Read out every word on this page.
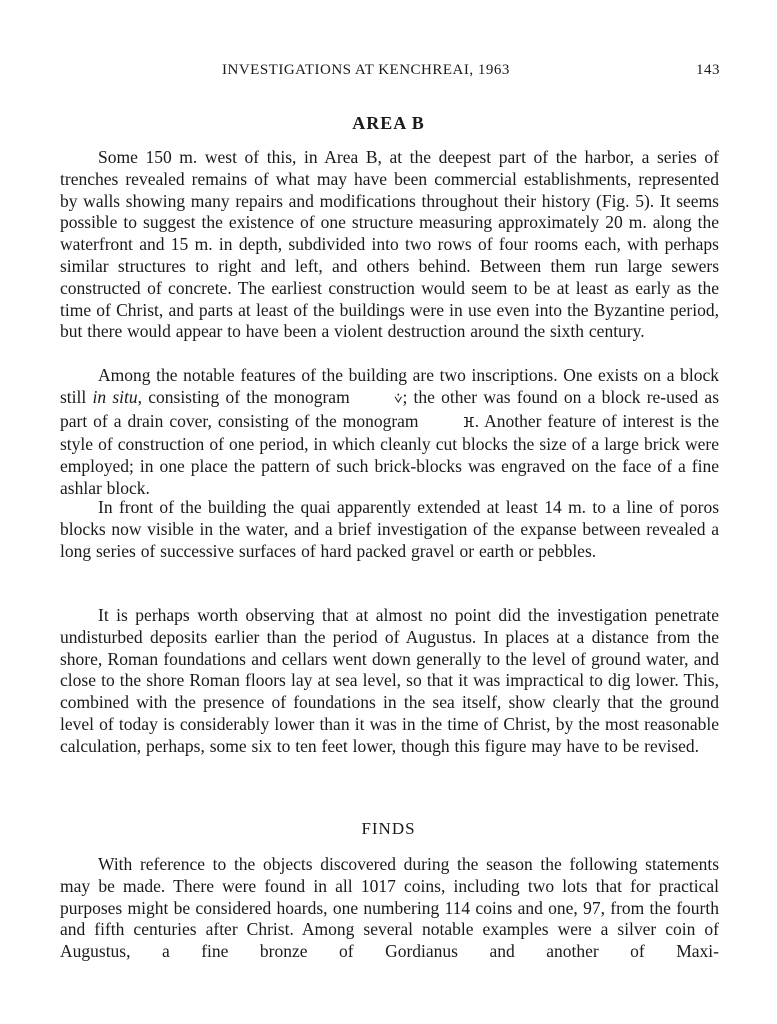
INVESTIGATIONS AT KENCHREAI, 1963	143
AREA B

Some 150 m. west of this, in Area B, at the deepest part of the harbor, a series of trenches revealed remains of what may have been commercial establishments, represented by walls showing many repairs and modifications throughout their history (Fig. 5). It seems possible to suggest the existence of one structure measuring approximately 20 m. along the waterfront and 15 m. in depth, subdivided into two rows of four rooms each, with perhaps similar structures to right and left, and others behind. Between them run large sewers constructed of concrete. The earliest construction would seem to be at least as early as the time of Christ, and parts at least of the buildings were in use even into the Byzantine period, but there would appear to have been a violent destruction around the sixth century.

Among the notable features of the building are two inscriptions. One exists on a block still in situ, consisting of the monogram	⩒; the other was found on a block re-used as part of a drain cover, consisting of the monogram	ⴼ. Another feature of interest is the style of construction of one period, in which cleanly cut blocks the size of a large brick were employed; in one place the pattern of such brick-blocks was engraved on the face of a fine ashlar block.

In front of the building the quai apparently extended at least 14 m. to a line of poros blocks now visible in the water, and a brief investigation of the expanse between revealed a long series of successive surfaces of hard packed gravel or earth or pebbles.

It is perhaps worth observing that at almost no point did the investigation penetrate undisturbed deposits earlier than the period of Augustus. In places at a distance from the shore, Roman foundations and cellars went down generally to the level of ground water, and close to the shore Roman floors lay at sea level, so that it was impractical to dig lower. This, combined with the presence of foundations in the sea itself, show clearly that the ground level of today is considerably lower than it was in the time of Christ, by the most reasonable calculation, perhaps, some six to ten feet lower, though this figure may have to be revised.

FINDS

With reference to the objects discovered during the season the following statements may be made. There were found in all 1017 coins, including two lots that for practical purposes might be considered hoards, one numbering 114 coins and one, 97, from the fourth and fifth centuries after Christ. Among several notable examples were a silver coin of Augustus, a fine bronze of Gordianus and another of Maxi-
